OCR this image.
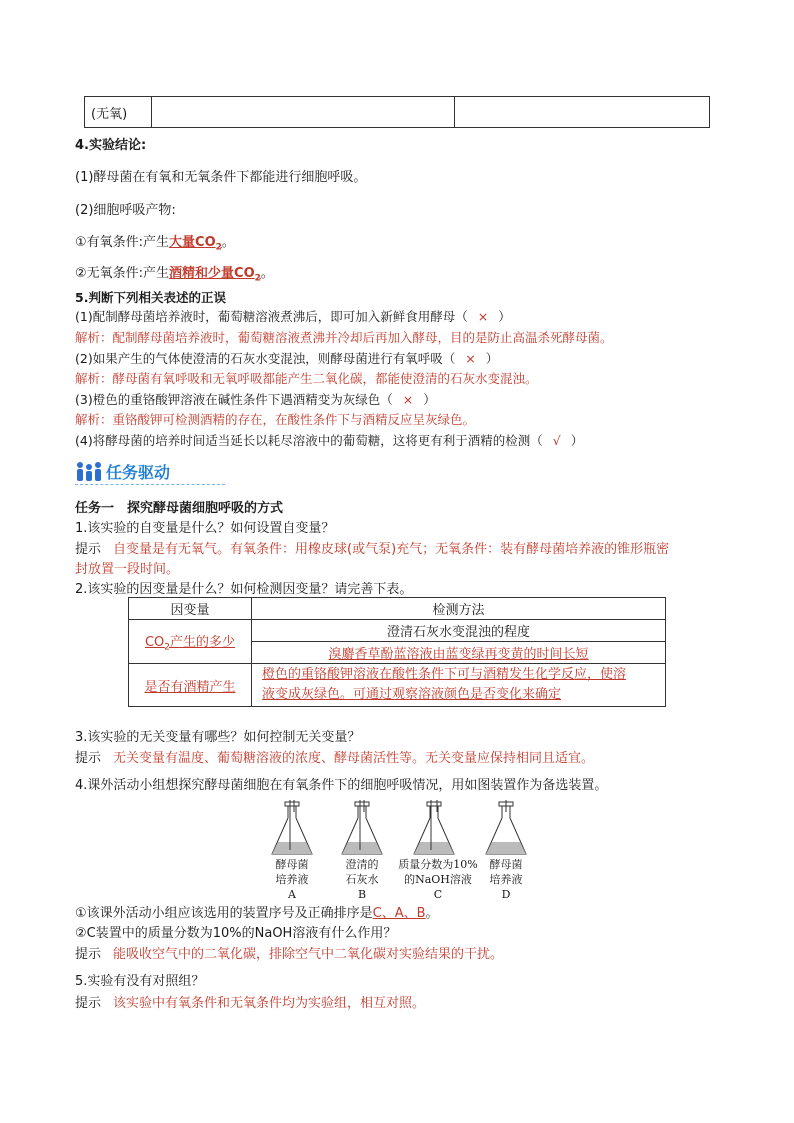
(无氧)		
4.实验结论:
(1)酵母菌在有氧和无氧条件下都能进行细胞呼吸。
(2)细胞呼吸产物:
①有氧条件:产生大量$CO_2$。
②无氧条件:产生酒精和少量$CO_2$。
5.判断下列相关表述的正误
(1)配制酵母菌培养液时，葡萄糖溶液煮沸后，即可加入新鲜食用酵母（ × ）
解析：配制酵母菌培养液时，葡萄糖溶液煮沸并冷却后再加入酵母，目的是防止高温杀死酵母菌。
(2)如果产生的气体使澄清的石灰水变混浊，则酵母菌进行有氧呼吸（ × ）
解析：酵母菌有氧呼吸和无氧呼吸都能产生二氧化碳，都能使澄清的石灰水变混浊。
(3)橙色的重铬酸钾溶液在碱性条件下遇酒精变为灰绿色（ × ）
解析：重铬酸钾可检测酒精的存在，在酸性条件下与酒精反应呈灰绿色。
(4)将酵母菌的培养时间适当延长以耗尽溶液中的葡萄糖，这将更有利于酒精的检测（ √ ）
任务驱动
任务一　探究酵母菌细胞呼吸的方式
1.该实验的自变量是什么？如何设置自变量？
提示 自变量是有无氧气。有氧条件：用橡皮球(或气泵)充气；无氧条件：装有酵母菌培养液的锥形瓶密
封放置一段时间。
2.该实验的因变量是什么？如何检测因变量？请完善下表。
因变量	检测方法
$CO_2$产生的多少	澄清石灰水变混浊的程度
	溴麝香草酚蓝溶液由蓝变绿再变黄的时间长短
是否有酒精产生	橙色的重铬酸钾溶液在酸性条件下可与酒精发生化学反应，使溶
液变成灰绿色。可通过观察溶液颜色是否变化来确定
3.该实验的无关变量有哪些？如何控制无关变量？
提示 无关变量有温度、葡萄糖溶液的浓度、酵母菌活性等。无关变量应保持相同且适宜。
4.课外活动小组想探究酵母菌细胞在有氧条件下的细胞呼吸情况，用如图装置作为备选装置。
酵母菌
培养液
A
澄清的
石灰水
B
质量分数为10%
的NaOH溶液
C
酵母菌
培养液
D
①该课外活动小组应该选用的装置序号及正确排序是C、A、B。
②C装置中的质量分数为10%的NaOH溶液有什么作用？
提示 能吸收空气中的二氧化碳，排除空气中二氧化碳对实验结果的干扰。
5.实验有没有对照组？
提示 该实验中有氧条件和无氧条件均为实验组，相互对照。
